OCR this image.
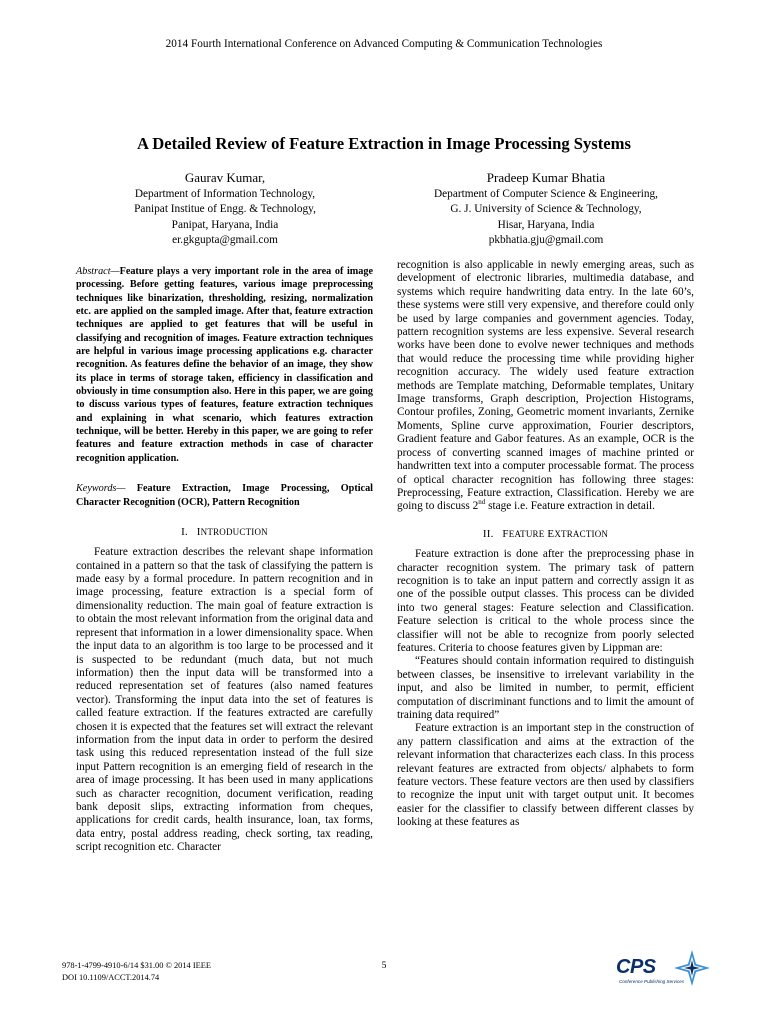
2014 Fourth International Conference on Advanced Computing & Communication Technologies
A Detailed Review of Feature Extraction in Image Processing Systems
Gaurav Kumar,
Department of Information Technology,
Panipat Institue of Engg. & Technology,
Panipat, Haryana, India
er.gkgupta@gmail.com
Pradeep Kumar Bhatia
Department of Computer Science & Engineering,
G. J. University of Science & Technology,
Hisar, Haryana, India
pkbhatia.gju@gmail.com

Abstract—Feature plays a very important role in the area of image processing. Before getting features, various image preprocessing techniques like binarization, thresholding, resizing, normalization etc. are applied on the sampled image. After that, feature extraction techniques are applied to get features that will be useful in classifying and recognition of images. Feature extraction techniques are helpful in various image processing applications e.g. character recognition. As features define the behavior of an image, they show its place in terms of storage taken, efficiency in classification and obviously in time consumption also. Here in this paper, we are going to discuss various types of features, feature extraction techniques and explaining in what scenario, which features extraction technique, will be better. Hereby in this paper, we are going to refer features and feature extraction methods in case of character recognition application.

Keywords— Feature Extraction, Image Processing, Optical Character Recognition (OCR), Pattern Recognition

I. INTRODUCTION

Feature extraction describes the relevant shape information contained in a pattern so that the task of classifying the pattern is made easy by a formal procedure. In pattern recognition and in image processing, feature extraction is a special form of dimensionality reduction. The main goal of feature extraction is to obtain the most relevant information from the original data and represent that information in a lower dimensionality space. When the input data to an algorithm is too large to be processed and it is suspected to be redundant (much data, but not much information) then the input data will be transformed into a reduced representation set of features (also named features vector). Transforming the input data into the set of features is called feature extraction. If the features extracted are carefully chosen it is expected that the features set will extract the relevant information from the input data in order to perform the desired task using this reduced representation instead of the full size input Pattern recognition is an emerging field of research in the area of image processing. It has been used in many applications such as character recognition, document verification, reading bank deposit slips, extracting information from cheques, applications for credit cards, health insurance, loan, tax forms, data entry, postal address reading, check sorting, tax reading, script recognition etc. Character

recognition is also applicable in newly emerging areas, such as development of electronic libraries, multimedia database, and systems which require handwriting data entry. In the late 60’s, these systems were still very expensive, and therefore could only be used by large companies and government agencies. Today, pattern recognition systems are less expensive. Several research works have been done to evolve newer techniques and methods that would reduce the processing time while providing higher recognition accuracy. The widely used feature extraction methods are Template matching, Deformable templates, Unitary Image transforms, Graph description, Projection Histograms, Contour profiles, Zoning, Geometric moment invariants, Zernike Moments, Spline curve approximation, Fourier descriptors, Gradient feature and Gabor features. As an example, OCR is the process of converting scanned images of machine printed or handwritten text into a computer processable format. The process of optical character recognition has following three stages: Preprocessing, Feature extraction, Classification. Hereby we are going to discuss 2nd stage i.e. Feature extraction in detail.

II. FEATURE EXTRACTION

Feature extraction is done after the preprocessing phase in character recognition system. The primary task of pattern recognition is to take an input pattern and correctly assign it as one of the possible output classes. This process can be divided into two general stages: Feature selection and Classification. Feature selection is critical to the whole process since the classifier will not be able to recognize from poorly selected features. Criteria to choose features given by Lippman are:

“Features should contain information required to distinguish between classes, be insensitive to irrelevant variability in the input, and also be limited in number, to permit, efficient computation of discriminant functions and to limit the amount of training data required”

Feature extraction is an important step in the construction of any pattern classification and aims at the extraction of the relevant information that characterizes each class. In this process relevant features are extracted from objects/ alphabets to form feature vectors. These feature vectors are then used by classifiers to recognize the input unit with target output unit. It becomes easier for the classifier to classify between different classes by looking at these features as

978-1-4799-4910-6/14 $31.00 © 2014 IEEE
DOI 10.1109/ACCT.2014.74
5	CPS
Conference Publishing Services
